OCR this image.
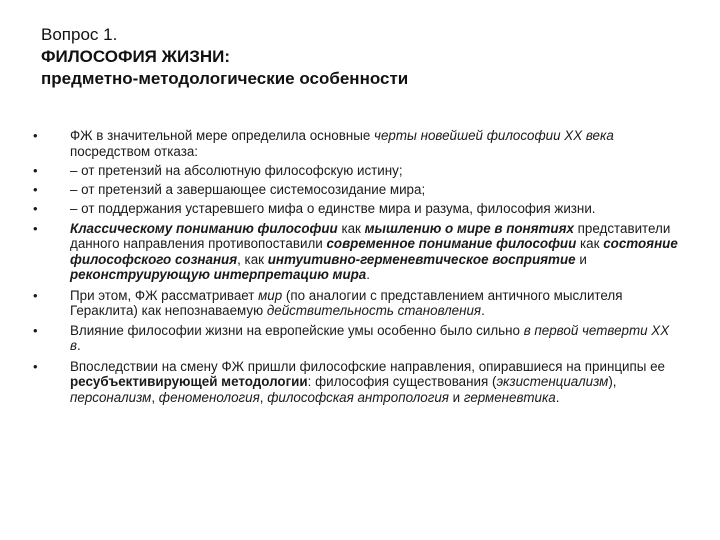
Вопрос 1.
ФИЛОСОФИЯ ЖИЗНИ:
предметно-методологические особенности
•	ФЖ в значительной мере определила основные черты новейшей философии XX века посредством отказа:
•	– от претензий на абсолютную философскую истину;
•	– от претензий а завершающее системосозидание мира;
•	– от поддержания устаревшего мифа о единстве мира и разума, философия жизни.
•	Классическому пониманию философии как мышлению о мире в понятиях представители данного направления противопоставили современное понимание философии как состояние философского сознания, как интуитивно-герменевтическое восприятие и реконструирующую интерпретацию мира.
•	При этом, ФЖ рассматривает мир (по аналогии с представлением античного мыслителя Гераклита) как непознаваемую действительность становления.
•	Влияние философии жизни на европейские умы особенно было сильно в первой четверти XX в.
•	Впоследствии на смену ФЖ пришли философские направления, опиравшиеся на принципы ее ресубъективирующей методологии: философия существования (экзистенциализм), персонализм, феноменология, философская антропология и герменевтика.
